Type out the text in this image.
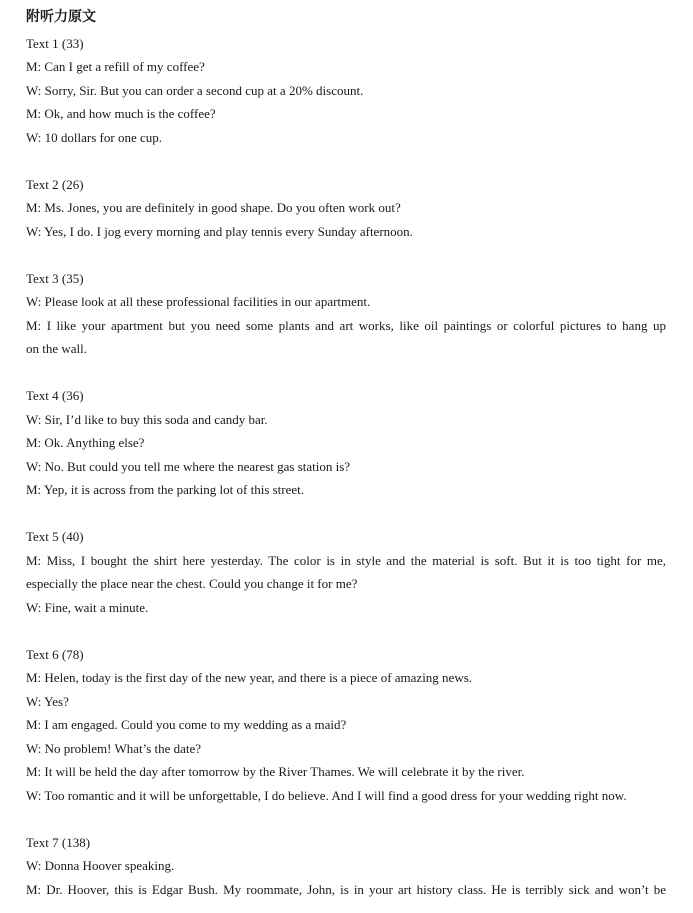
附听力原文
Text 1 (33)
M: Can I get a refill of my coffee?
W: Sorry, Sir. But you can order a second cup at a 20% discount.
M: Ok, and how much is the coffee?
W: 10 dollars for one cup.
Text 2 (26)
M: Ms. Jones, you are definitely in good shape. Do you often work out?
W: Yes, I do. I jog every morning and play tennis every Sunday afternoon.
Text 3 (35)
W: Please look at all these professional facilities in our apartment.
M: I like your apartment but you need some plants and art works, like oil paintings or colorful pictures to hang up
on the wall.
Text 4 (36)
W: Sir, I’d like to buy this soda and candy bar.
M: Ok. Anything else?
W: No. But could you tell me where the nearest gas station is?
M: Yep, it is across from the parking lot of this street.
Text 5 (40)
M: Miss, I bought the shirt here yesterday. The color is in style and the material is soft. But it is too tight for me,
especially the place near the chest. Could you change it for me?
W: Fine, wait a minute.
Text 6 (78)
M: Helen, today is the first day of the new year, and there is a piece of amazing news.
W: Yes?
M: I am engaged. Could you come to my wedding as a maid?
W: No problem! What’s the date?
M: It will be held the day after tomorrow by the River Thames. We will celebrate it by the river.
W: Too romantic and it will be unforgettable, I do believe. And I will find a good dress for your wedding right now.
Text 7 (138)
W: Donna Hoover speaking.
M: Dr. Hoover, this is Edgar Bush. My roommate, John, is in your art history class. He is terribly sick and won’t be
